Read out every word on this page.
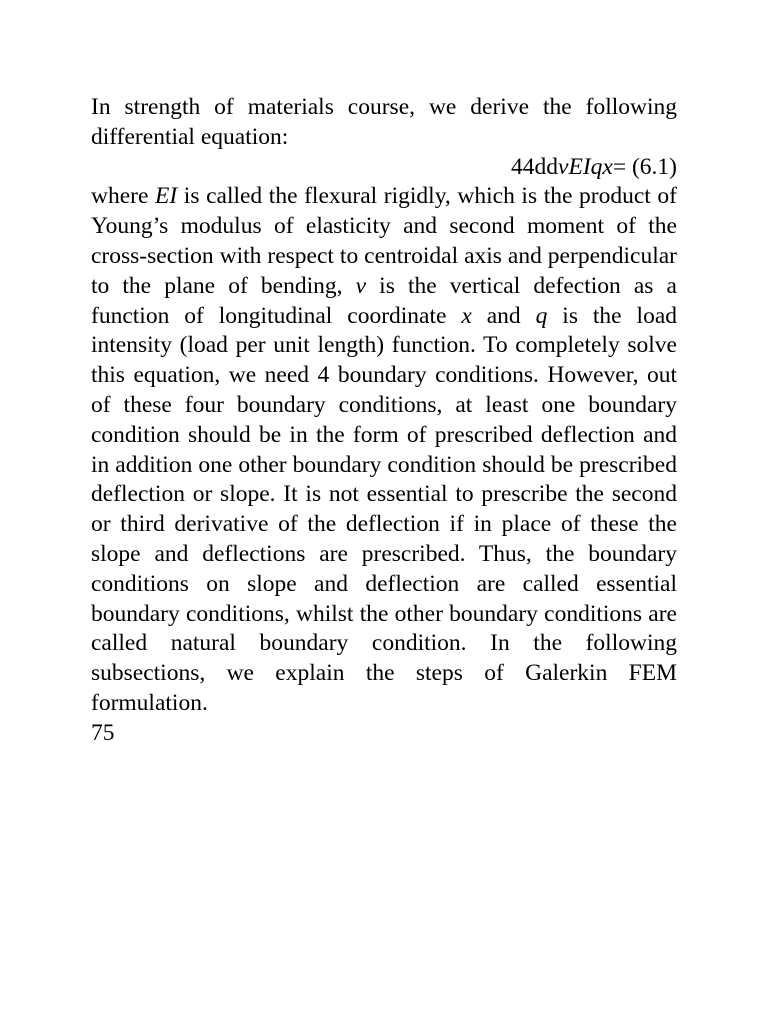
In strength of materials course, we derive the following differential equation:

44ddvEIqx= (6.1)

where EI is called the flexural rigidly, which is the product of Young’s modulus of elasticity and second moment of the cross-section with respect to centroidal axis and perpendicular to the plane of bending, v is the vertical defection as a function of longitudinal coordinate x and q is the load intensity (load per unit length) function. To completely solve this equation, we need 4 boundary conditions. However, out of these four boundary conditions, at least one boundary condition should be in the form of prescribed deflection and in addition one other boundary condition should be prescribed deflection or slope. It is not essential to prescribe the second or third derivative of the deflection if in place of these the slope and deflections are prescribed. Thus, the boundary conditions on slope and deflection are called essential boundary conditions, whilst the other boundary conditions are called natural boundary condition. In the following subsections, we explain the steps of Galerkin FEM formulation.

75
